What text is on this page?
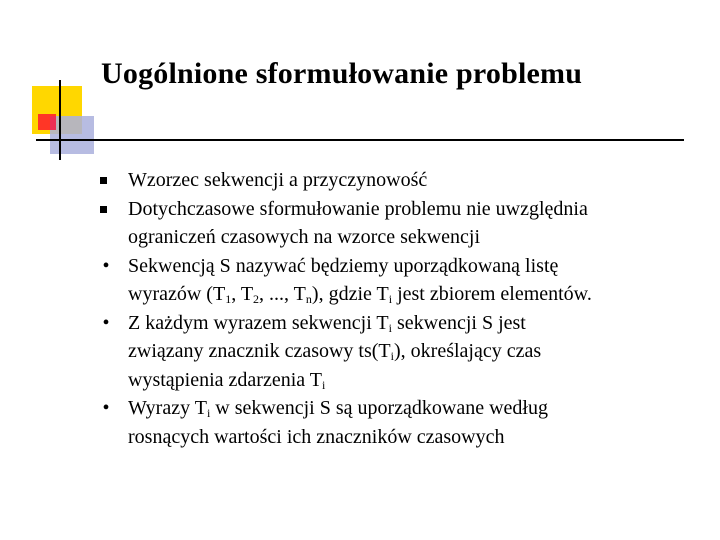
Uogólnione sformułowanie problemu
Wzorzec sekwencji a przyczynowość
Dotychczasowe sformułowanie problemu nie uwzględnia
ograniczeń czasowych na wzorce sekwencji
• Sekwencją S nazywać będziemy uporządkowaną listę
wyrazów ($T_1$, $T_2$, ..., $T_n$), gdzie $T_i$ jest zbiorem elementów.
• Z każdym wyrazem sekwencji $T_i$ sekwencji S jest
związany znacznik czasowy $ts(T_i)$, określający czas
wystąpienia zdarzenia $T_i$
• Wyrazy $T_i$ w sekwencji S są uporządkowane według
rosnących wartości ich znaczników czasowych
